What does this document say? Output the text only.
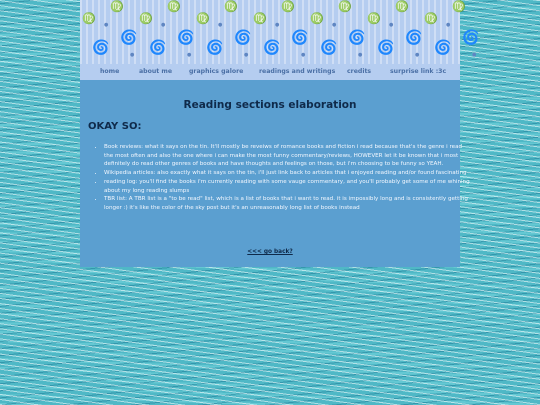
♍
♍
🌀
🌀
●
●
♍
♍
🌀
🌀
●
●
♍
♍
🌀
🌀
●
●
♍
♍
🌀
🌀
●
●
♍
♍
🌀
🌀
●
●
♍
♍
🌀
🌀
●
●
♍
♍
🌀
🌀
●
●
home	about me	graphics galore	readings and writings credits	surprise link :3c
Reading sections elaboration
OKAY SO:
• Book reviews: what it says on the tin. It'll mostly be reveiws of romance books and fiction i read because that's the genre i read the most often and also the one where i can make the most funny commentary/reviews, HOWEVER let it be known that i most definitely do read other genres of books and have thoughts and feelings on those, but i'm choosing to be funny so YEAH.
• Wikipedia articles: also exactly what it says on the tin, i'll just link back to articles that i enjoyed reading and/or found fascinating
• reading log: you'll find the books i'm currently reading with some vauge commentary, and you'll probably get some of me whining about my long reading slumps
• TBR list: A TBR list is a "to be read" list, which is a list of books that i want to read. it is impossibly long and is consistently getting longer :) it's like the color of the sky post but it's an unreasonably long list of books instead
<<< go back?
